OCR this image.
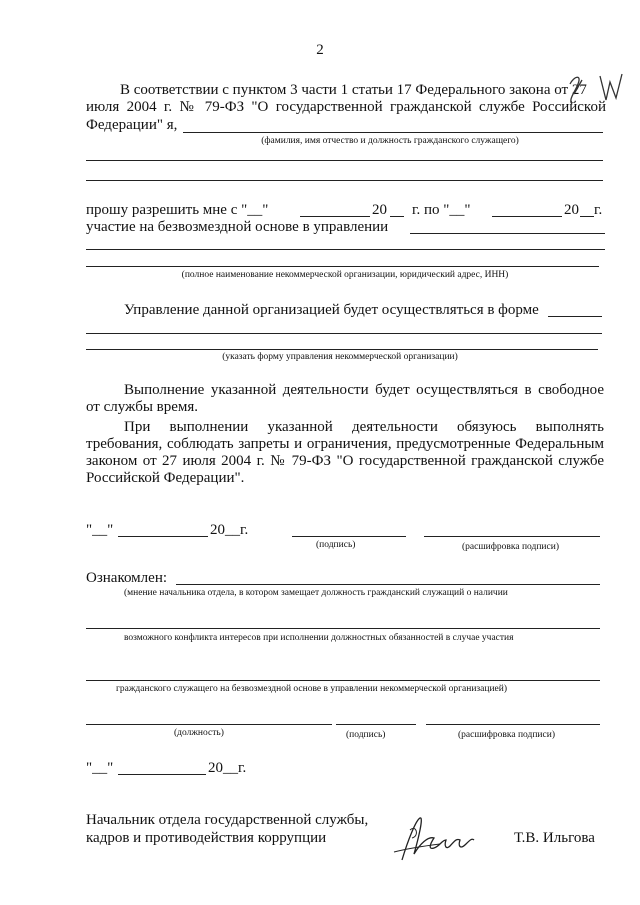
2
В соответствии с пунктом 3 части 1 статьи 17 Федерального закона от 27
июля 2004 г. № 79-ФЗ "О государственной гражданской службе Российской
Федерации" я,
(фамилия, имя отчество и должность гражданского служащего)
прошу разрешить мне с "__"	20 г. по "__"	20 г.
участие на безвозмездной основе в управлении
(полное наименование некоммерческой организации, юридический адрес, ИНН)
Управление данной организацией будет осуществляться в форме
(указать форму управления некоммерческой организации)
Выполнение указанной деятельности будет осуществляться в свободное
от службы время.
При выполнении указанной деятельности обязуюсь выполнять
требования, соблюдать запреты и ограничения, предусмотренные Федеральным
законом от 27 июля 2004 г. № 79-ФЗ "О государственной гражданской службе
Российской Федерации".
"__"	20__г.
(подпись)	(расшифровка подписи)
Ознакомлен:
(мнение начальника отдела, в котором замещает должность гражданский служащий о наличии
возможного конфликта интересов при исполнении должностных обязанностей в случае участия
гражданского служащего на безвозмездной основе в управлении некоммерческой организацией)
(должность)	(подпись)	(расшифровка подписи)
"__"	20__г.
Начальник отдела государственной службы,
кадров и противодействия коррупции	Т.В. Ильгова
